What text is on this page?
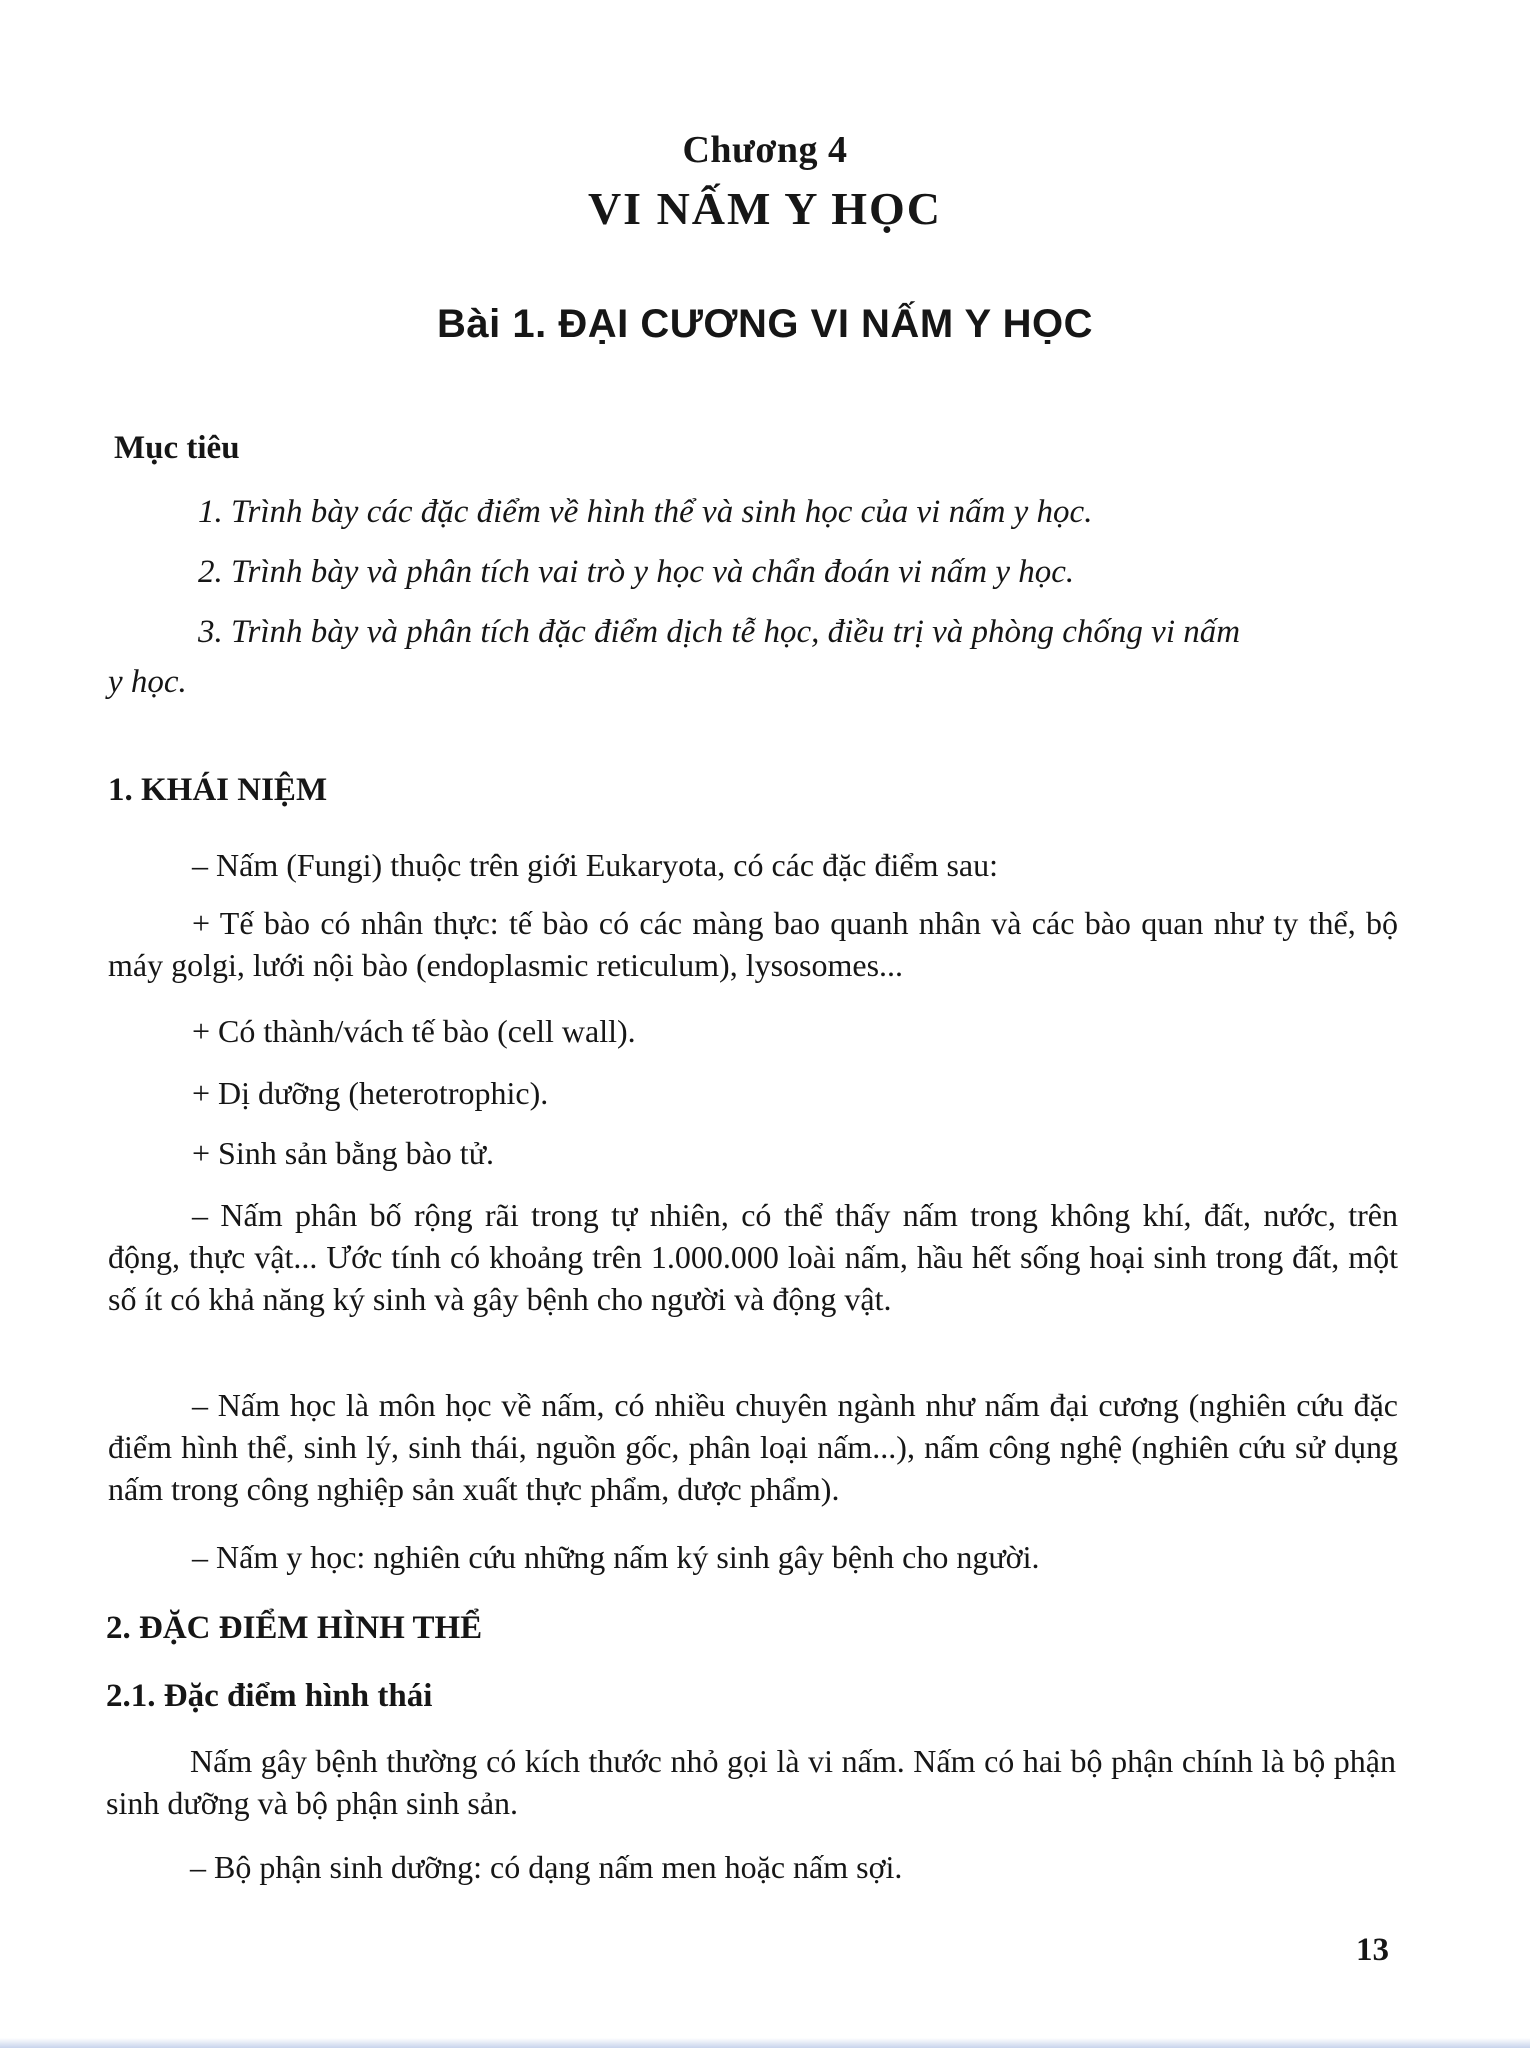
Chương 4

VI NẤM Y HỌC

Bài 1. ĐẠI CƯƠNG VI NẤM Y HỌC

Mục tiêu

1. Trình bày các đặc điểm về hình thể và sinh học của vi nấm y học.

2. Trình bày và phân tích vai trò y học và chẩn đoán vi nấm y học.

3. Trình bày và phân tích đặc điểm dịch tễ học, điều trị và phòng chống vi nấm

y học.

1. KHÁI NIỆM

– Nấm (Fungi) thuộc trên giới Eukaryota, có các đặc điểm sau:

+ Tế bào có nhân thực: tế bào có các màng bao quanh nhân và các bào quan như ty thể, bộ máy golgi, lưới nội bào (endoplasmic reticulum), lysosomes...

+ Có thành/vách tế bào (cell wall).

+ Dị dưỡng (heterotrophic).

+ Sinh sản bằng bào tử.

– Nấm phân bố rộng rãi trong tự nhiên, có thể thấy nấm trong không khí, đất, nước, trên động, thực vật... Ước tính có khoảng trên 1.000.000 loài nấm, hầu hết sống hoại sinh trong đất, một số ít có khả năng ký sinh và gây bệnh cho người và động vật.

– Nấm học là môn học về nấm, có nhiều chuyên ngành như nấm đại cương (nghiên cứu đặc điểm hình thể, sinh lý, sinh thái, nguồn gốc, phân loại nấm...), nấm công nghệ (nghiên cứu sử dụng nấm trong công nghiệp sản xuất thực phẩm, dược phẩm).

– Nấm y học: nghiên cứu những nấm ký sinh gây bệnh cho người.

2. ĐẶC ĐIỂM HÌNH THỂ

2.1. Đặc điểm hình thái

Nấm gây bệnh thường có kích thước nhỏ gọi là vi nấm. Nấm có hai bộ phận chính là bộ phận sinh dưỡng và bộ phận sinh sản.

– Bộ phận sinh dưỡng: có dạng nấm men hoặc nấm sợi.

13
